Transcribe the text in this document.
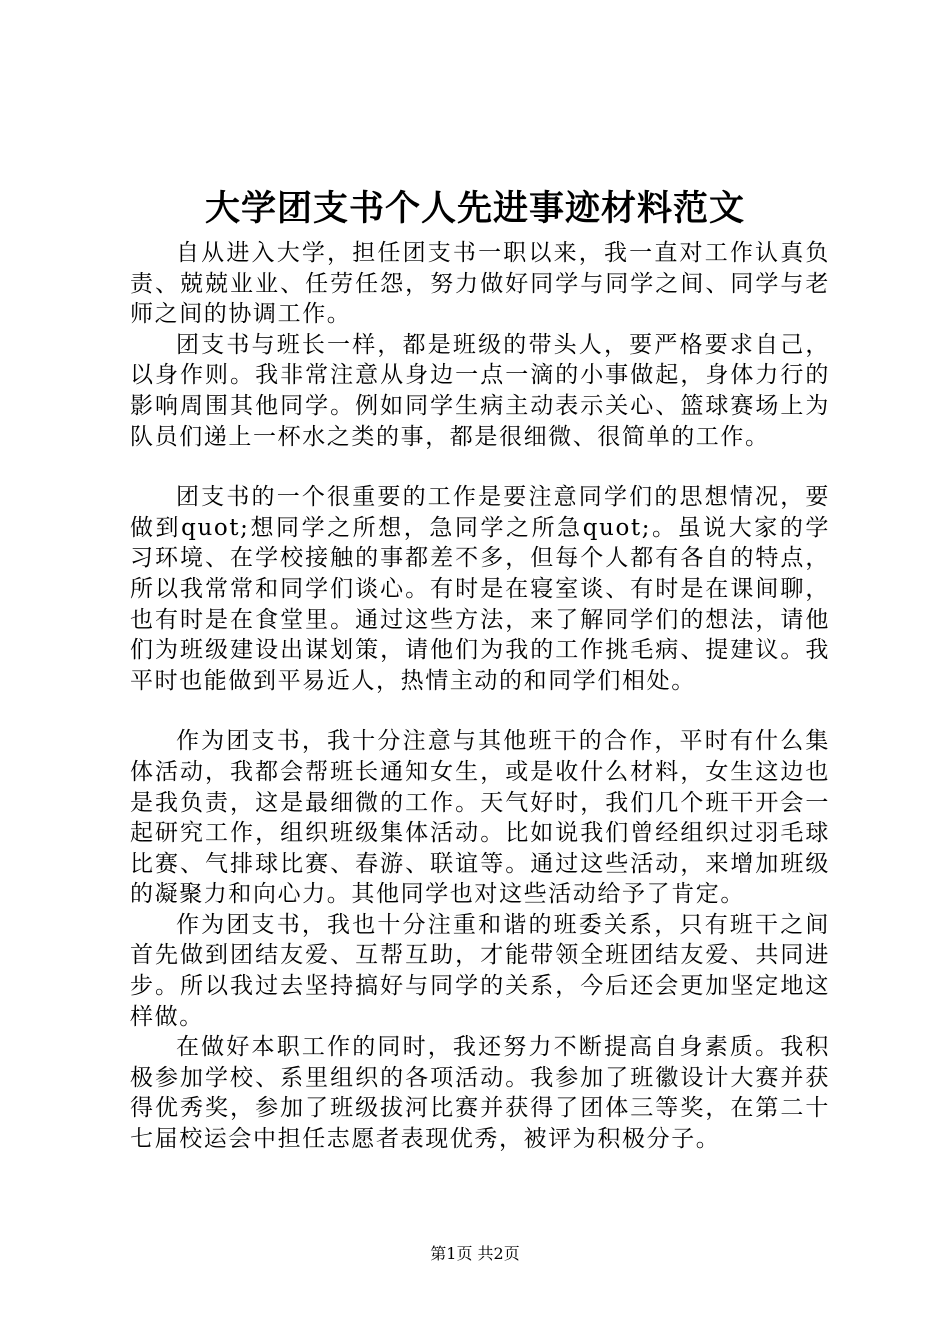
大学团支书个人先进事迹材料范文

自从进入大学，担任团支书一职以来，我一直对工作认真负责、兢兢业业、任劳任怨，努力做好同学与同学之间、同学与老师之间的协调工作。

团支书与班长一样，都是班级的带头人，要严格要求自己，以身作则。我非常注意从身边一点一滴的小事做起，身体力行的影响周围其他同学。例如同学生病主动表示关心、篮球赛场上为队员们递上一杯水之类的事，都是很细微、很简单的工作。

团支书的一个很重要的工作是要注意同学们的思想情况，要做到quot;想同学之所想，急同学之所急quot;。虽说大家的学习环境、在学校接触的事都差不多，但每个人都有各自的特点，所以我常常和同学们谈心。有时是在寝室谈、有时是在课间聊，也有时是在食堂里。通过这些方法，来了解同学们的想法，请他们为班级建设出谋划策，请他们为我的工作挑毛病、提建议。我平时也能做到平易近人，热情主动的和同学们相处。

作为团支书，我十分注意与其他班干的合作，平时有什么集体活动，我都会帮班长通知女生，或是收什么材料，女生这边也是我负责，这是最细微的工作。天气好时，我们几个班干开会一起研究工作，组织班级集体活动。比如说我们曾经组织过羽毛球比赛、气排球比赛、春游、联谊等。通过这些活动，来增加班级的凝聚力和向心力。其他同学也对这些活动给予了肯定。

作为团支书，我也十分注重和谐的班委关系，只有班干之间首先做到团结友爱、互帮互助，才能带领全班团结友爱、共同进步。所以我过去坚持搞好与同学的关系，今后还会更加坚定地这样做。

在做好本职工作的同时，我还努力不断提高自身素质。我积极参加学校、系里组织的各项活动。我参加了班徽设计大赛并获得优秀奖，参加了班级拔河比赛并获得了团体三等奖，在第二十七届校运会中担任志愿者表现优秀，被评为积极分子。

第1页 共2页
